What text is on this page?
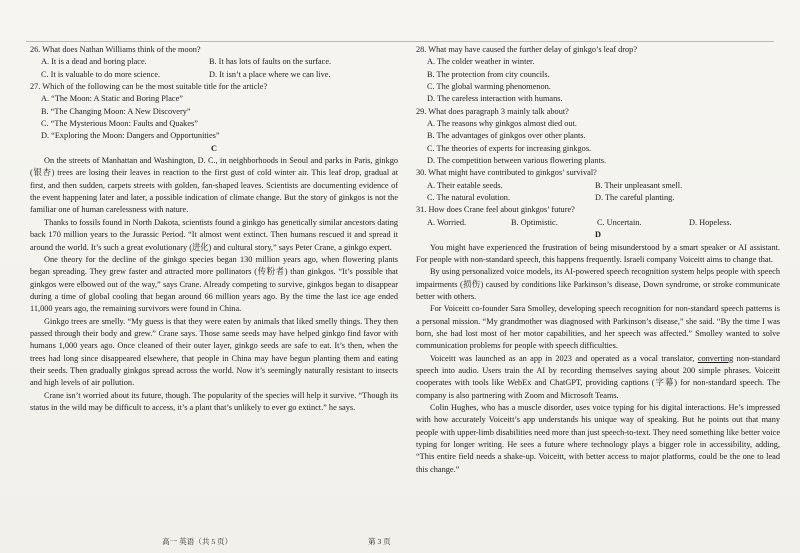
26. What does Nathan Williams think of the moon?

A. It is a dead and boring place.	B. It has lots of faults on the surface.
C. It is valuable to do more science.	D. It isn’t a place where we can live.

27. Which of the following can be the most suitable title for the article?

A. “The Moon: A Static and Boring Place”

B. “The Changing Moon: A New Discovery”

C. “The Mysterious Moon: Faults and Quakes”

D. “Exploring the Moon: Dangers and Opportunities”

C

On the streets of Manhattan and Washington, D. C., in neighborhoods in Seoul and parks in Paris, ginkgo (银杏) trees are losing their leaves in reaction to the first gust of cold winter air. This leaf drop, gradual at first, and then sudden, carpets streets with golden, fan-shaped leaves. Scientists are documenting evidence of the event happening later and later, a possible indication of climate change. But the story of ginkgos is not the familiar one of human carelessness with nature.

Thanks to fossils found in North Dakota, scientists found a ginkgo has genetically similar ancestors dating back 170 million years to the Jurassic Period. “It almost went extinct. Then humans rescued it and spread it around the world. It’s such a great evolutionary (进化) and cultural story,” says Peter Crane, a ginkgo expert.

One theory for the decline of the ginkgo species began 130 million years ago, when flowering plants began spreading. They grew faster and attracted more pollinators (传粉者) than ginkgos. “It’s possible that ginkgos were elbowed out of the way,” says Crane. Already competing to survive, ginkgos began to disappear during a time of global cooling that began around 66 million years ago. By the time the last ice age ended 11,000 years ago, the remaining survivors were found in China.

Ginkgo trees are smelly. “My guess is that they were eaten by animals that liked smelly things. They then passed through their body and grew.” Crane says. Those same seeds may have helped ginkgo find favor with humans 1,000 years ago. Once cleaned of their outer layer, ginkgo seeds are safe to eat. It’s then, when the trees had long since disappeared elsewhere, that people in China may have begun planting them and eating their seeds. Then gradually ginkgos spread across the world. Now it’s seemingly naturally resistant to insects and high levels of air pollution.

Crane isn’t worried about its future, though. The popularity of the species will help it survive. “Though its status in the wild may be difficult to access, it’s a plant that’s unlikely to ever go extinct.” he says.

28. What may have caused the further delay of ginkgo’s leaf drop?

A. The colder weather in winter.

B. The protection from city councils.

C. The global warming phenomenon.

D. The careless interaction with humans.

29. What does paragraph 3 mainly talk about?

A. The reasons why ginkgos almost died out.

B. The advantages of ginkgos over other plants.

C. The theories of experts for increasing ginkgos.

D. The competition between various flowering plants.

30. What might have contributed to ginkgos’ survival?

A. Their eatable seeds.	B. Their unpleasant smell.
C. The natural evolution.	D. The careful planting.

31. How does Crane feel about ginkgos’ future?

A. Worried.	B. Optimistic.	C. Uncertain.	D. Hopeless.

D

You might have experienced the frustration of being misunderstood by a smart speaker or AI assistant. For people with non-standard speech, this happens frequently. Israeli company Voiceitt aims to change that.

By using personalized voice models, its AI-powered speech recognition system helps people with speech impairments (损伤) caused by conditions like Parkinson’s disease, Down syndrome, or stroke communicate better with others.

For Voiceitt co-founder Sara Smolley, developing speech recognition for non-standard speech patterns is a personal mission. “My grandmother was diagnosed with Parkinson’s disease,” she said. “By the time I was born, she had lost most of her motor capabilities, and her speech was affected.” Smolley wanted to solve communication problems for people with speech difficulties.

Voiceitt was launched as an app in 2023 and operated as a vocal translator, converting non-standard speech into audio. Users train the AI by recording themselves saying about 200 simple phrases. Voiceitt cooperates with tools like WebEx and ChatGPT, providing captions (字幕) for non-standard speech. The company is also partnering with Zoom and Microsoft Teams.

Colin Hughes, who has a muscle disorder, uses voice typing for his digital interactions. He’s impressed with how accurately Voiceitt’s app understands his unique way of speaking. But he points out that many people with upper-limb disabilities need more than just speech-to-text. They need something like better voice typing for longer writing. He sees a future where technology plays a bigger role in accessibility, adding, “This entire field needs a shake-up. Voiceitt, with better access to major platforms, could be the one to lead this change.”

高一 英语（共 5 页）	第 3 页
